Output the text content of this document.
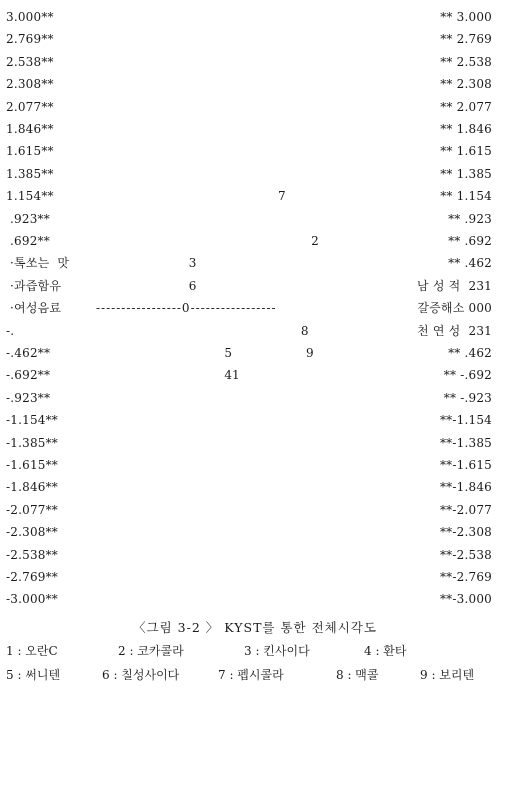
3.000**	** 3.000
2.769**	** 2.769
2.538**	** 2.538
2.308**	** 2.308
2.077**	** 2.077
1.846**	** 1.846
1.615**	** 1.615
1.385**	** 1.385
1.154**	** 1.154
.923**	** .923
.692**	** .692
·톡쏘는  맛	** .462
·과즙함유	남 성 적  231
·여성음료	갈증해소 000
-----------------0-----------------
-.	천 연 성  231
-.462**	** .462
-.692**	** -.692
-.923**	** -.923
-1.154**	**-1.154
-1.385**	**-1.385
-1.615**	**-1.615
-1.846**	**-1.846
-2.077**	**-2.077
-2.308**	**-2.308
-2.538**	**-2.538
-2.769**	**-2.769
-3.000**	**-3.000
7
2
3
6
8
5	9
41
〈그림 3-2 〉 KYST를 통한 전체시각도

1 : 오란C

	2 : 코카콜라

	3 : 킨사이다

	4 : 환타

5 : 써니텐

	6 : 칠성사이다

	7 : 펩시콜라

	8 : 맥콜

	9 : 보리텐
